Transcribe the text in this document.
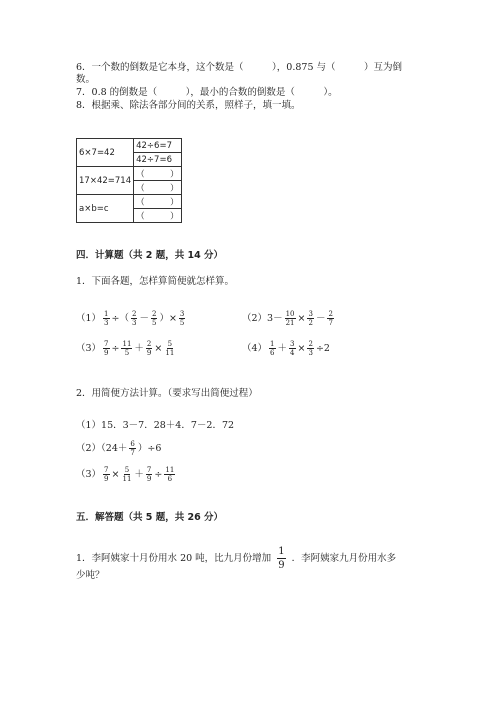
6．一个数的倒数是它本身，这个数是（　　　），0.875 与（　　　）互为倒
数。
7．0.8 的倒数是（　　　），最小的合数的倒数是（　　　）。
8．根据乘、除法各部分间的关系，照样子，填一填。
6×7=42	42÷6=7
	42÷7=6
17×42=714	（　　　）
	（　　　）
a×b=c	（　　　）
	（　　　）
四．计算题（共 2 题，共 14 分）
1．下面各题，怎样算简便就怎样算。
$(1) \frac{1}{3}$ ÷（ $\frac{2}{3} - \frac{2}{5}$ ）× $\frac{3}{5}$	$(2)3- \frac{10}{21} \times \frac{3}{2} - \frac{2}{7}$
$(3) \frac{7}{9} \div \frac{11}{5} + \frac{2}{9} \times \frac{5}{11}$	$(4) \frac{1}{6} + \frac{3}{4} \times \frac{2}{3} \div 2$
2．用简便方法计算。（要求写出简便过程）
（1）15．3－7．28＋4．7－2．72
$(2)(24+ \frac{6}{7} )\div 6$
$(3) \frac{7}{9} \times \frac{5}{11} + \frac{7}{9} \div \frac{11}{6}$
五．解答题（共 5 题，共 26 分）
1．李阿姨家十月份用水 20 吨，比九月份增加 $\frac{1}{9}$ ．李阿姨家九月份用水多
少吨？
